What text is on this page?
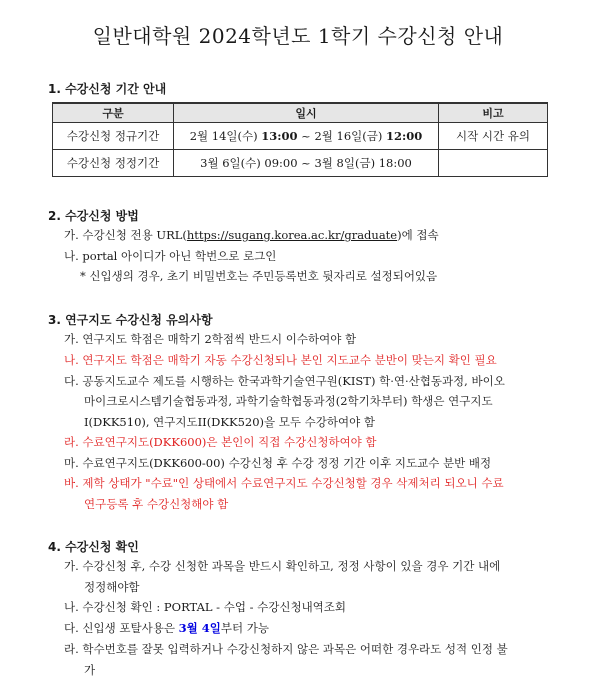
일반대학원 2024학년도 1학기 수강신청 안내
1. 수강신청 기간 안내
구분	일시	비고
수강신청 정규기간	2월 14일(수) 13:00 ~ 2월 16일(금) 12:00	시작 시간 유의
수강신청 정정기간	3월 6일(수) 09:00 ~ 3월 8일(금) 18:00	
2. 수강신청 방법
가. 수강신청 전용 URL(https://sugang.korea.ac.kr/graduate)에 접속
나. portal 아이디가 아닌 학번으로 로그인
* 신입생의 경우, 초기 비밀번호는 주민등록번호 뒷자리로 설정되어있음
3. 연구지도 수강신청 유의사항
가. 연구지도 학점은 매학기 2학점씩 반드시 이수하여야 함
나. 연구지도 학점은 매학기 자동 수강신청되나 본인 지도교수 분반이 맞는지 확인 필요
다. 공동지도교수 제도를 시행하는 한국과학기술연구원(KIST) 학·연·산협동과정, 바이오
마이크로시스템기술협동과정, 과학기술학협동과정(2학기차부터) 학생은 연구지도
I(DKK510), 연구지도II(DKK520)을 모두 수강하여야 함
라. 수료연구지도(DKK600)은 본인이 직접 수강신청하여야 함
마. 수료연구지도(DKK600-00) 수강신청 후 수강 정정 기간 이후 지도교수 분반 배정
바. 제학 상태가 "수료"인 상태에서 수료연구지도 수강신청할 경우 삭제처리 되오니 수료
연구등록 후 수강신청해야 함
4. 수강신청 확인
가. 수강신청 후, 수강 신청한 과목을 반드시 확인하고, 정정 사항이 있을 경우 기간 내에
정정해야함
나. 수강신청 확인 : PORTAL - 수업 - 수강신청내역조회
다. 신입생 포탈사용은 3월 4일부터 가능
라. 학수번호를 잘못 입력하거나 수강신청하지 않은 과목은 어떠한 경우라도 성적 인정 불
가
